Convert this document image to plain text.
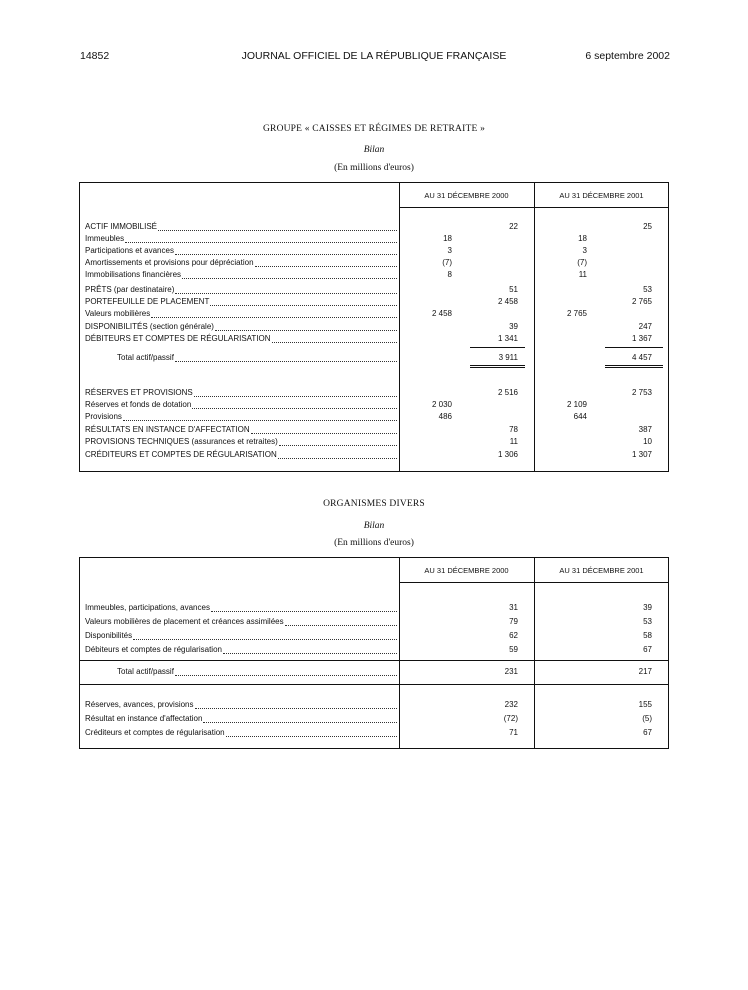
14852	JOURNAL OFFICIEL DE LA RÉPUBLIQUE FRANÇAISE	6 septembre 2002
GROUPE « CAISSES ET RÉGIMES DE RETRAITE »
Bilan
(En millions d'euros)
AU 31 DÉCEMBRE 2000	AU 31 DÉCEMBRE 2001
ACTIF IMMOBILISÉ	22	25
Immeubles	18	18
Participations et avances	3	3
Amortissements et provisions pour dépréciation	(7)	(7)
Immobilisations financières	8	11
PRÊTS (par destinataire)	51	53
PORTEFEUILLE DE PLACEMENT	2 458	2 765
Valeurs mobilières	2 458	2 765
DISPONIBILITÉS (section générale)	39	247
DÉBITEURS ET COMPTES DE RÉGULARISATION	1 341	1 367
Total actif/passif	3 911	4 457
RÉSERVES ET PROVISIONS	2 516	2 753
Réserves et fonds de dotation	2 030	2 109
Provisions	486	644
RÉSULTATS EN INSTANCE D'AFFECTATION	78	387
PROVISIONS TECHNIQUES (assurances et retraites)	11	10
CRÉDITEURS ET COMPTES DE RÉGULARISATION	1 306	1 307
ORGANISMES DIVERS
Bilan
(En millions d'euros)
AU 31 DÉCEMBRE 2000	AU 31 DÉCEMBRE 2001
Immeubles, participations, avances	31	39
Valeurs mobilières de placement et créances assimilées	79	53
Disponibilités	62	58
Débiteurs et comptes de régularisation	59	67
Total actif/passif	231	217
Réserves, avances, provisions	232	155
Résultat en instance d'affectation	(72)	(5)
Créditeurs et comptes de régularisation	71	67
